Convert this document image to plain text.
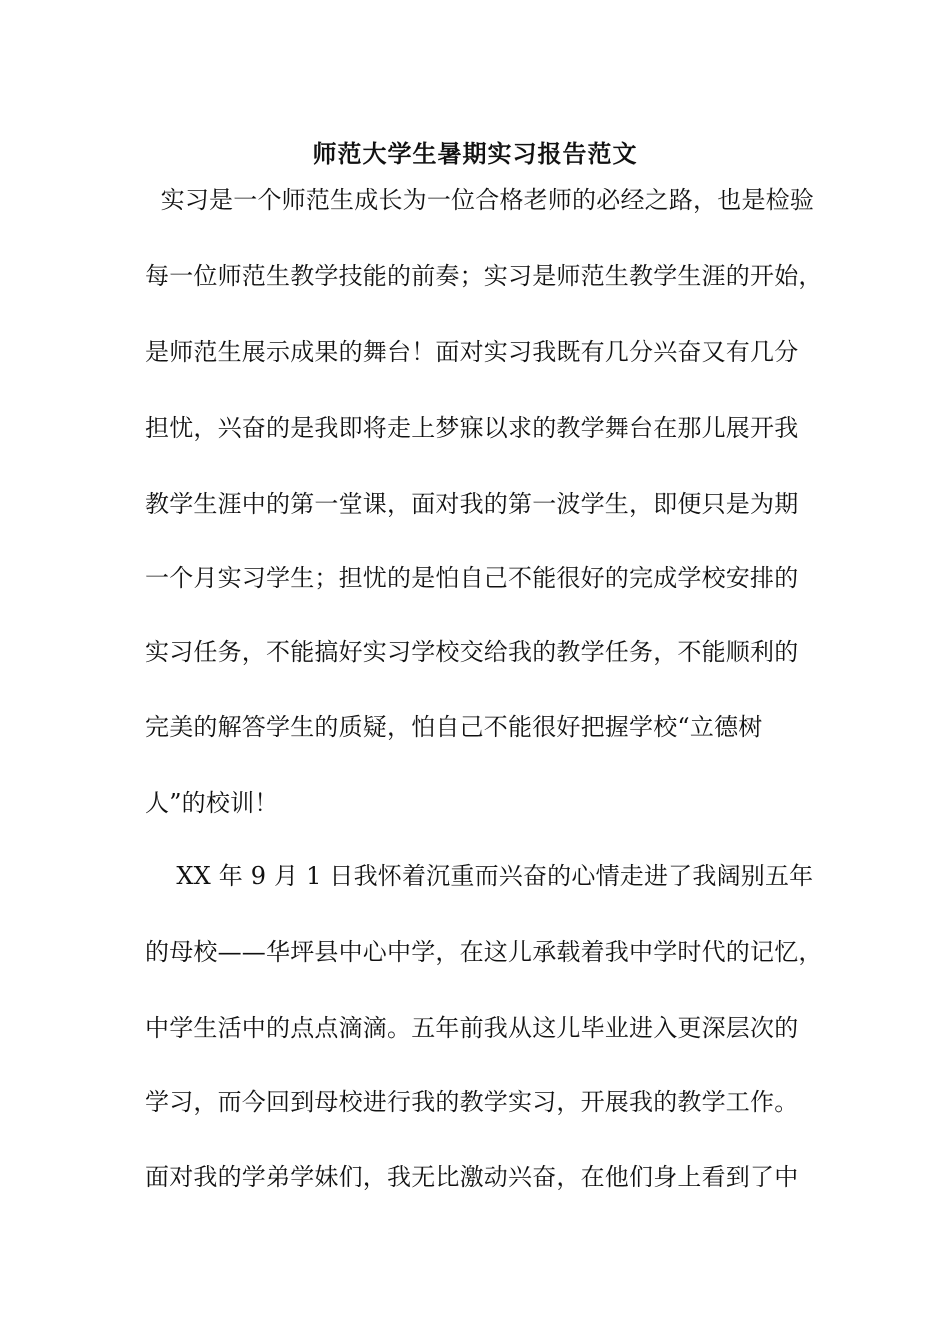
师范大学生暑期实习报告范文
实习是一个师范生成长为一位合格老师的必经之路，也是检验
每一位师范生教学技能的前奏；实习是师范生教学生涯的开始，
是师范生展示成果的舞台！面对实习我既有几分兴奋又有几分
担忧，兴奋的是我即将走上梦寐以求的教学舞台在那儿展开我
教学生涯中的第一堂课，面对我的第一波学生，即便只是为期
一个月实习学生；担忧的是怕自己不能很好的完成学校安排的
实习任务，不能搞好实习学校交给我的教学任务，不能顺利的
完美的解答学生的质疑，怕自己不能很好把握学校“立德树
人”的校训！
XX 年 9 月 1 日我怀着沉重而兴奋的心情走进了我阔别五年
的母校——华坪县中心中学，在这儿承载着我中学时代的记忆，
中学生活中的点点滴滴。五年前我从这儿毕业进入更深层次的
学习，而今回到母校进行我的教学实习，开展我的教学工作。
面对我的学弟学妹们，我无比激动兴奋，在他们身上看到了中
